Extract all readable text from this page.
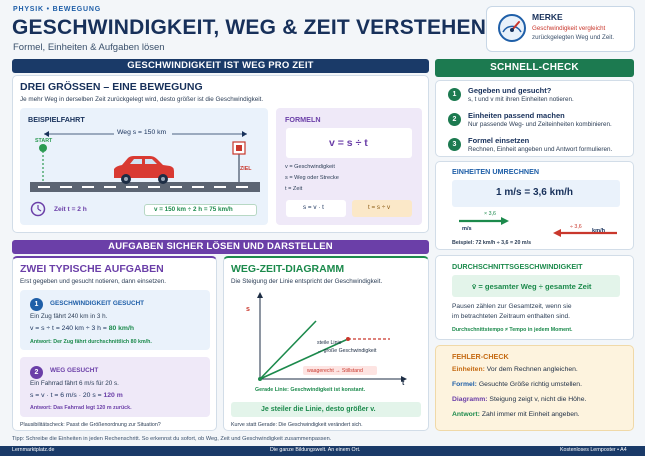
PHYSIK • BEWEGUNG
GESCHWINDIGKEIT, WEG & ZEIT VERSTEHEN
Formel, Einheiten & Aufgaben lösen
MERKE
Geschwindigkeit vergleicht
zurückgelegten Weg und Zeit.
GESCHWINDIGKEIT IST WEG PRO ZEIT
DREI GRÖSSEN – EINE BEWEGUNG
Je mehr Weg in derselben Zeit zurückgelegt wird, desto größer ist die Geschwindigkeit.
BEISPIELFAHRT
Weg s = 150 km
START
ZIEL
Zeit t = 2 h	v = 150 km ÷ 2 h = 75 km/h
FORMELN
v = s ÷ t
v = Geschwindigkeit
s = Weg oder Strecke
t = Zeit
s = v · t	t = s ÷ v
AUFGABEN SICHER LÖSEN UND DARSTELLEN
ZWEI TYPISCHE AUFGABEN
Erst gegeben und gesucht notieren, dann einsetzen.
1	GESCHWINDIGKEIT GESUCHT
Ein Zug fährt 240 km in 3 h.
v = s ÷ t = 240 km ÷ 3 h = 80 km/h
Antwort: Der Zug fährt durchschnittlich 80 km/h.
2	WEG GESUCHT
Ein Fahrrad fährt 6 m/s für 20 s.
s = v · t = 6 m/s · 20 s = 120 m
Antwort: Das Fahrrad legt 120 m zurück.
Plausibilitätscheck: Passt die Größenordnung zur Situation?
WEG-ZEIT-DIAGRAMM
Die Steigung der Linie entspricht der Geschwindigkeit.
s
t
steile Linie
→ große Geschwindigkeit
waagerecht → Stillstand
Gerade Linie: Geschwindigkeit ist konstant.
Je steiler die Linie, desto größer v.
Kurve statt Gerade: Die Geschwindigkeit verändert sich.
Tipp: Schreibe die Einheiten in jeden Rechenschritt. So erkennst du sofort, ob Weg, Zeit und Geschwindigkeit zusammenpassen.
SCHNELL-CHECK
1	Gegeben und gesucht?
s, t und v mit ihren Einheiten notieren.
2	Einheiten passend machen
Nur passende Weg- und Zeiteinheiten kombinieren.
3	Formel einsetzen
Rechnen, Einheit angeben und Antwort formulieren.
EINHEITEN UMRECHNEN
1 m/s = 3,6 km/h
× 3,6
m/s	÷ 3,6
km/h
Beispiel: 72 km/h ÷ 3,6 = 20 m/s
DURCHSCHNITTSGESCHWINDIGKEIT
v̄ = gesamter Weg ÷ gesamte Zeit
Pausen zählen zur Gesamtzeit, wenn sie
im betrachteten Zeitraum enthalten sind.
Durchschnittstempo ≠ Tempo in jedem Moment.
FEHLER-CHECK
Einheiten: Vor dem Rechnen angleichen.
Formel: Gesuchte Größe richtig umstellen.
Diagramm: Steigung zeigt v, nicht die Höhe.
Antwort: Zahl immer mit Einheit angeben.
Lernmarktplatz.de	Die ganze Bildungswelt. An einem Ort.	Kostenloses Lernposter • A4
